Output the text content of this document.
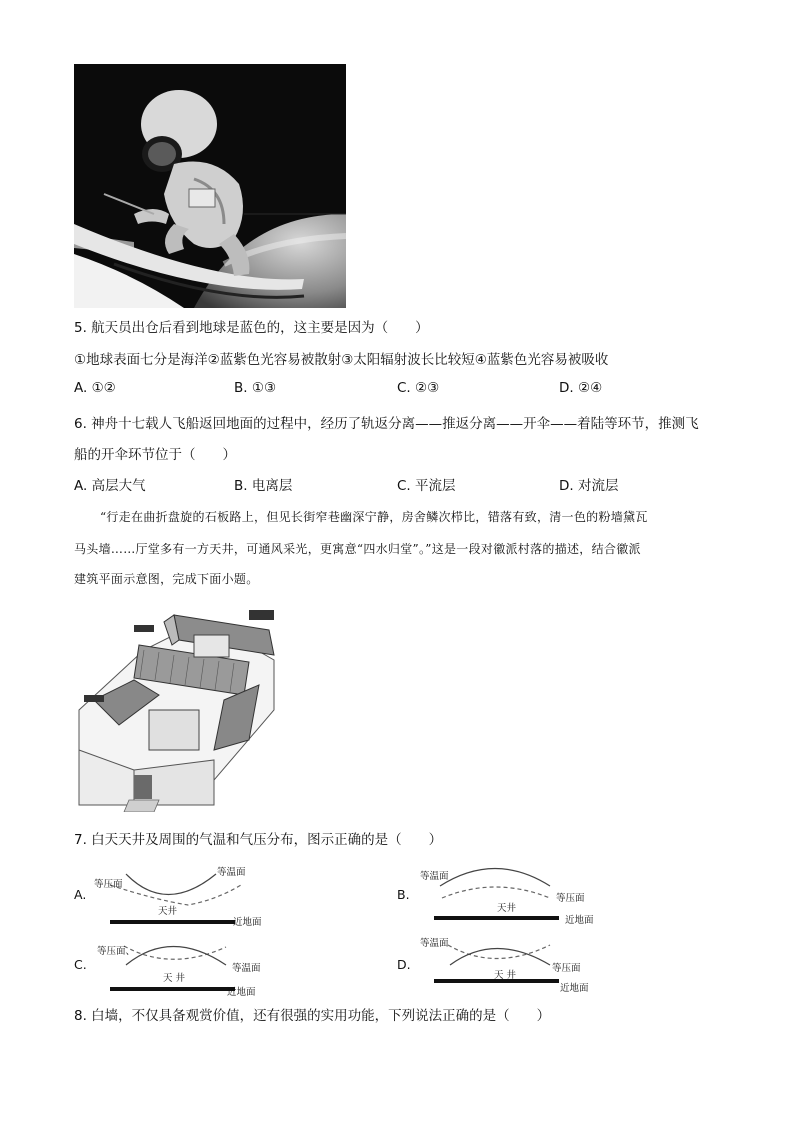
5. 航天员出仓后看到地球是蓝色的，这主要是因为（　　）
①地球表面七分是海洋②蓝紫色光容易被散射③太阳辐射波长比较短④蓝紫色光容易被吸收
A. ①②	B. ①③	C. ②③	D. ②④
6. 神舟十七载人飞船返回地面的过程中，经历了轨返分离——推返分离——开伞——着陆等环节，推测飞
船的开伞环节位于（　　）
A. 高层大气	B. 电离层	C. 平流层	D. 对流层
“行走在曲折盘旋的石板路上，但见长街窄巷幽深宁静，房舍鳞次栉比，错落有致，清一色的粉墙黛瓦
马头墙……厅堂多有一方天井，可通风采光，更寓意“四水归堂”。”这是一段对徽派村落的描述，结合徽派
建筑平面示意图，完成下面小题。
7. 白天天井及周围的气温和气压分布，图示正确的是（　　）
A.
等压面
等温面
天井
近地面
B.
等温面
等压面
天井
近地面
C.
等压面、
等温面
天 井
近地面
D.
等温面
等压面
天 井
近地面
8. 白墙，不仅具备观赏价值，还有很强的实用功能，下列说法正确的是（　　）
